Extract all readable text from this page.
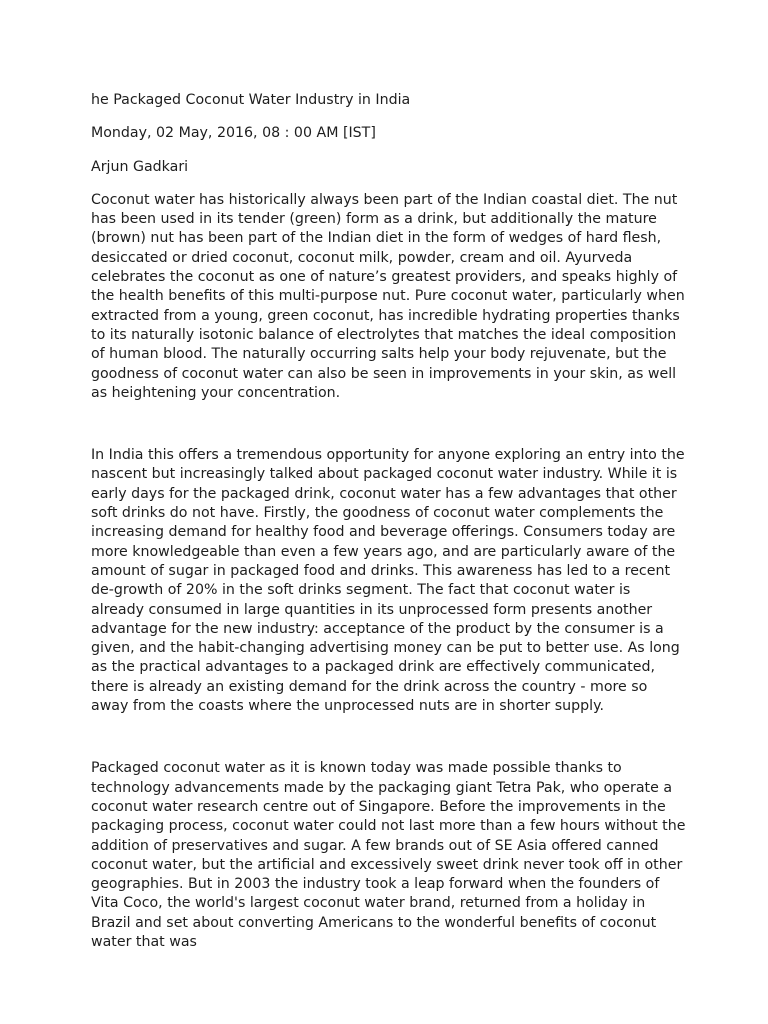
he Packaged Coconut Water Industry in India

Monday, 02 May, 2016, 08 : 00 AM [IST]

Arjun Gadkari

Coconut water has historically always been part of the Indian coastal diet. The nut has been used in its tender (green) form as a drink, but additionally the mature (brown) nut has been part of the Indian diet in the form of wedges of hard flesh, desiccated or dried coconut, coconut milk, powder, cream and oil. Ayurveda celebrates the coconut as one of nature’s greatest providers, and speaks highly of the health benefits of this multi-purpose nut. Pure coconut water, particularly when extracted from a young, green coconut, has incredible hydrating properties thanks to its naturally isotonic balance of electrolytes that matches the ideal composition of human blood. The naturally occurring salts help your body rejuvenate, but the goodness of coconut water can also be seen in improvements in your skin, as well as heightening your concentration.

In India this offers a tremendous opportunity for anyone exploring an entry into the nascent but increasingly talked about packaged coconut water industry. While it is early days for the packaged drink, coconut water has a few advantages that other soft drinks do not have. Firstly, the goodness of coconut water complements the increasing demand for healthy food and beverage offerings. Consumers today are more knowledgeable than even a few years ago, and are particularly aware of the amount of sugar in packaged food and drinks. This awareness has led to a recent de-growth of 20% in the soft drinks segment. The fact that coconut water is already consumed in large quantities in its unprocessed form presents another advantage for the new industry: acceptance of the product by the consumer is a given, and the habit-changing advertising money can be put to better use. As long as the practical advantages to a packaged drink are effectively communicated, there is already an existing demand for the drink across the country - more so away from the coasts where the unprocessed nuts are in shorter supply.

Packaged coconut water as it is known today was made possible thanks to technology advancements made by the packaging giant Tetra Pak, who operate a coconut water research centre out of Singapore. Before the improvements in the packaging process, coconut water could not last more than a few hours without the addition of preservatives and sugar. A few brands out of SE Asia offered canned coconut water, but the artificial and excessively sweet drink never took off in other geographies. But in 2003 the industry took a leap forward when the founders of Vita Coco, the world's largest coconut water brand, returned from a holiday in Brazil and set about converting Americans to the wonderful benefits of coconut water that was
